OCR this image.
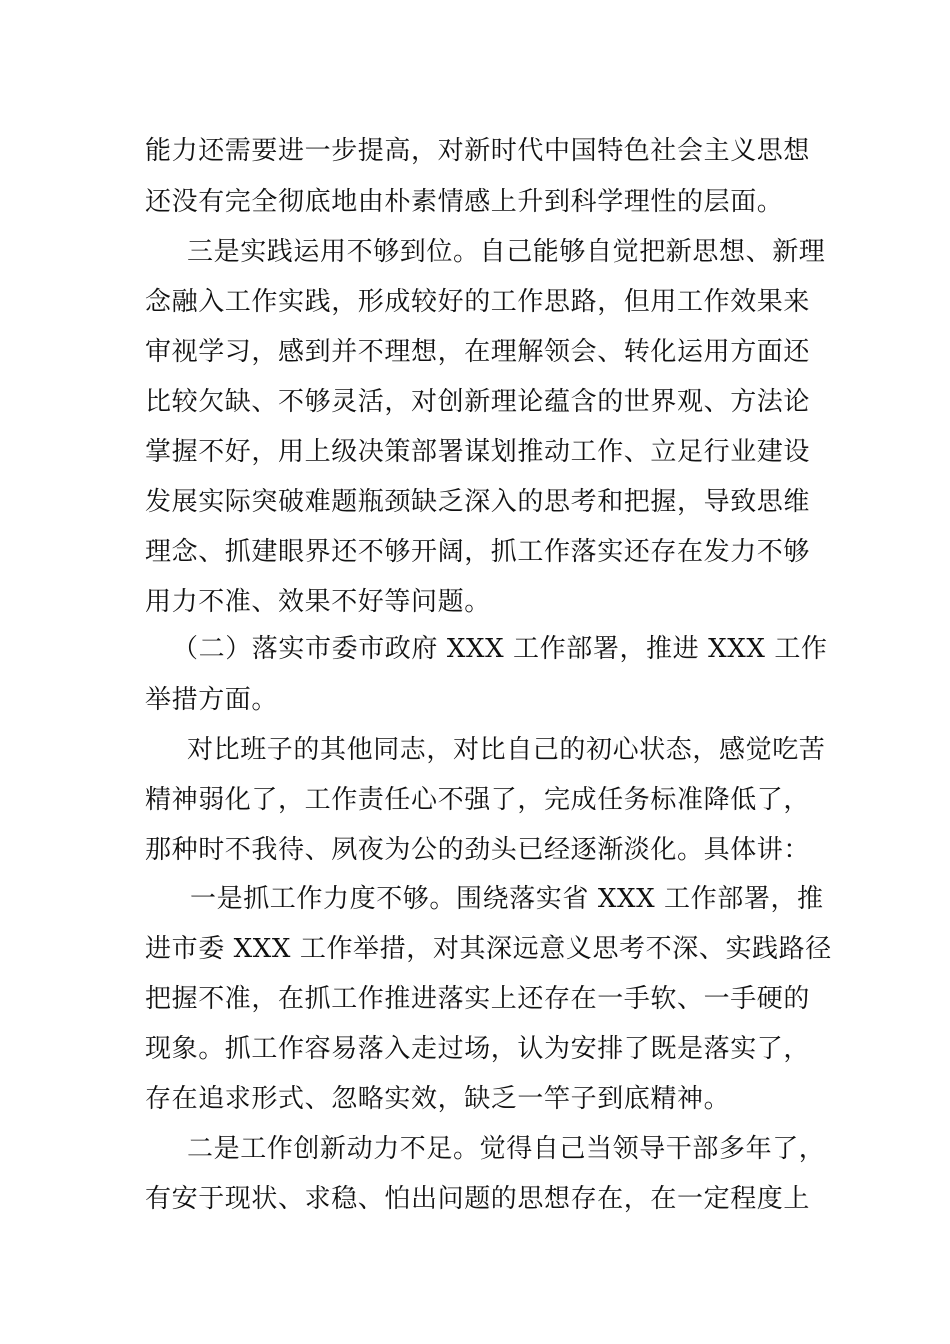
能力还需要进一步提高，对新时代中国特色社会主义思想
还没有完全彻底地由朴素情感上升到科学理性的层面。
三是实践运用不够到位。自己能够自觉把新思想、新理
念融入工作实践，形成较好的工作思路，但用工作效果来
审视学习，感到并不理想，在理解领会、转化运用方面还
比较欠缺、不够灵活，对创新理论蕴含的世界观、方法论
掌握不好，用上级决策部署谋划推动工作、立足行业建设
发展实际突破难题瓶颈缺乏深入的思考和把握，导致思维
理念、抓建眼界还不够开阔，抓工作落实还存在发力不够
用力不准、效果不好等问题。
（二）落实市委市政府 XXX 工作部署，推进 XXX 工作
举措方面。
对比班子的其他同志，对比自己的初心状态，感觉吃苦
精神弱化了，工作责任心不强了，完成任务标准降低了，
那种时不我待、夙夜为公的劲头已经逐渐淡化。具体讲：
一是抓工作力度不够。围绕落实省 XXX 工作部署，推
进市委 XXX 工作举措，对其深远意义思考不深、实践路径
把握不准，在抓工作推进落实上还存在一手软、一手硬的
现象。抓工作容易落入走过场，认为安排了既是落实了，
存在追求形式、忽略实效，缺乏一竿子到底精神。
二是工作创新动力不足。觉得自己当领导干部多年了，
有安于现状、求稳、怕出问题的思想存在，在一定程度上
